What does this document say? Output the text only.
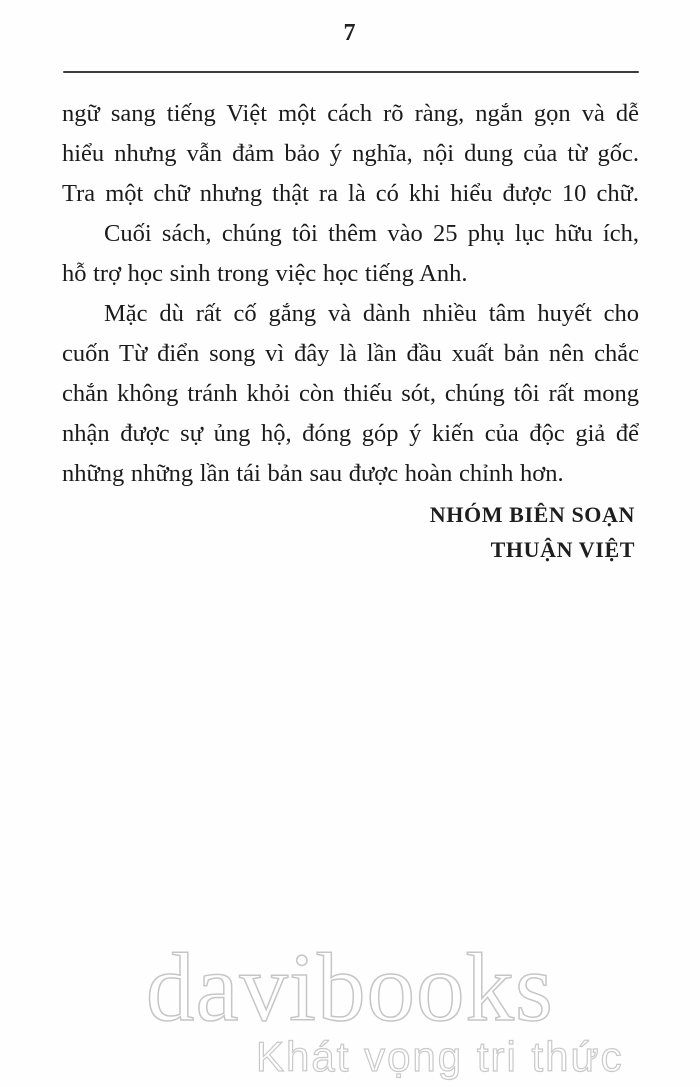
7
ngữ sang tiếng Việt một cách rõ ràng, ngắn gọn và dễ
hiểu nhưng vẫn đảm bảo ý nghĩa, nội dung của từ gốc.
Tra một chữ nhưng thật ra là có khi hiểu được 10 chữ.
Cuối sách, chúng tôi thêm vào 25 phụ lục hữu ích,
hỗ trợ học sinh trong việc học tiếng Anh.
Mặc dù rất cố gắng và dành nhiều tâm huyết cho
cuốn Từ điển song vì đây là lần đầu xuất bản nên chắc
chắn không tránh khỏi còn thiếu sót, chúng tôi rất mong
nhận được sự ủng hộ, đóng góp ý kiến của độc giả để
những những lần tái bản sau được hoàn chỉnh hơn.
NHÓM BIÊN SOẠN
THUẬN VIỆT
davibooks
Khát vọng tri thức
